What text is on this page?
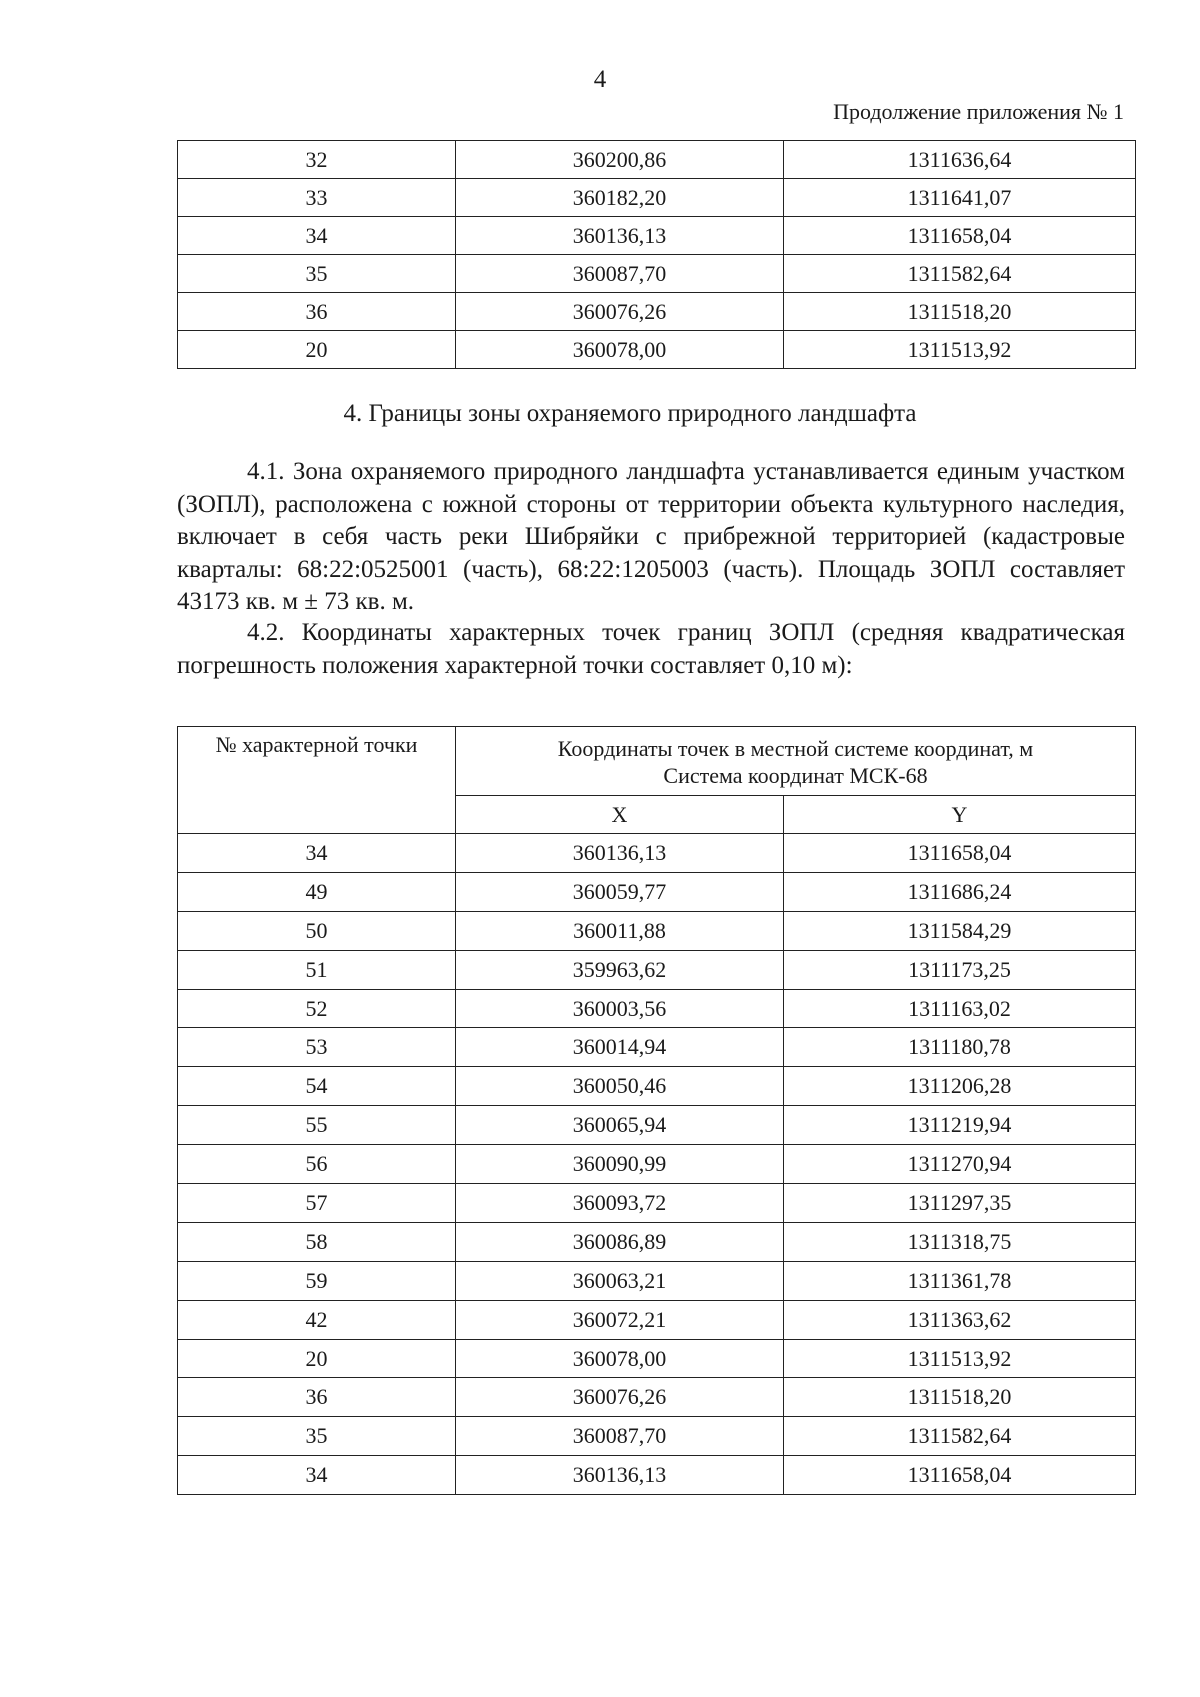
4
Продолжение приложения № 1
32	360200,86	1311636,64
33	360182,20	1311641,07
34	360136,13	1311658,04
35	360087,70	1311582,64
36	360076,26	1311518,20
20	360078,00	1311513,92
4. Границы зоны охраняемого природного ландшафта

4.1. Зона охраняемого природного ландшафта устанавливается единым участком (ЗОПЛ), расположена с южной стороны от территории объекта культурного наследия, включает в себя часть реки Шибряйки с прибрежной территорией (кадастровые кварталы: 68:22:0525001 (часть), 68:22:1205003 (часть). Площадь ЗОПЛ составляет 43173 кв. м ± 73 кв. м.

4.2. Координаты характерных точек границ ЗОПЛ (средняя квадратическая погрешность положения характерной точки составляет 0,10 м):

№ характерной точки	Координаты точек в местной системе координат, м
Система координат МСК-68	

	X	Y
34	360136,13	1311658,04
49	360059,77	1311686,24
50	360011,88	1311584,29
51	359963,62	1311173,25
52	360003,56	1311163,02
53	360014,94	1311180,78
54	360050,46	1311206,28
55	360065,94	1311219,94
56	360090,99	1311270,94
57	360093,72	1311297,35
58	360086,89	1311318,75
59	360063,21	1311361,78
42	360072,21	1311363,62
20	360078,00	1311513,92
36	360076,26	1311518,20
35	360087,70	1311582,64
34	360136,13	1311658,04
